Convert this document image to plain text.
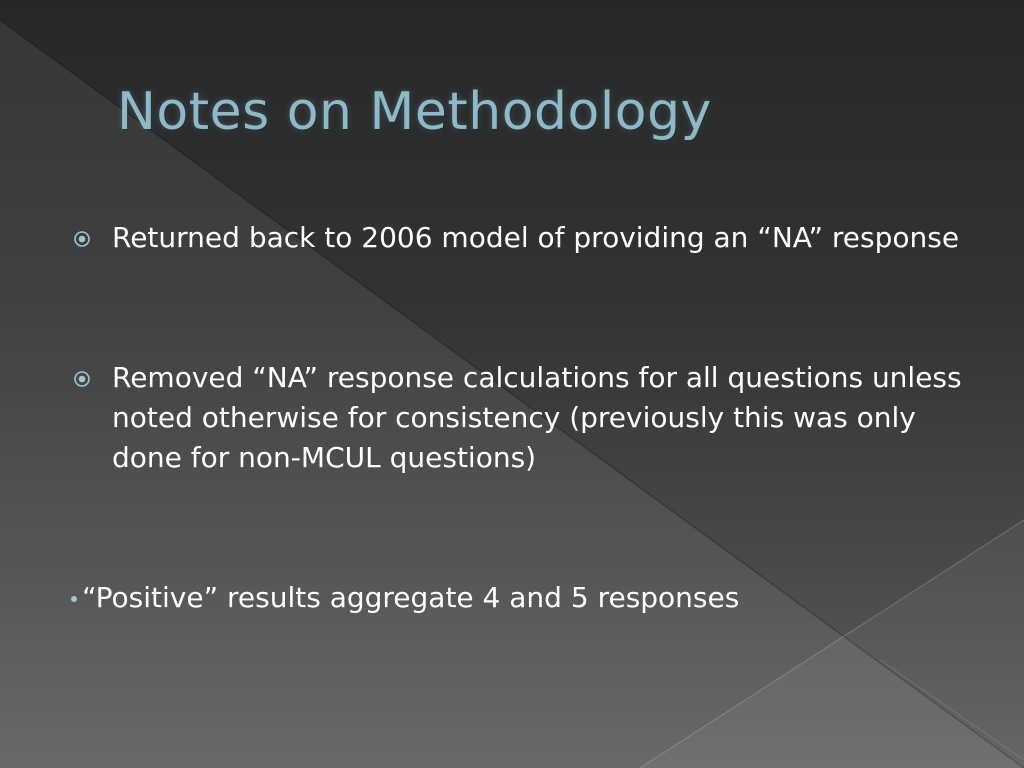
Notes on Methodology
Returned back to 2006 model of providing an “NA” response
Removed “NA” response calculations for all questions unless noted otherwise for consistency (previously this was only done for non-MCUL questions)
“Positive” results aggregate 4 and 5 responses
